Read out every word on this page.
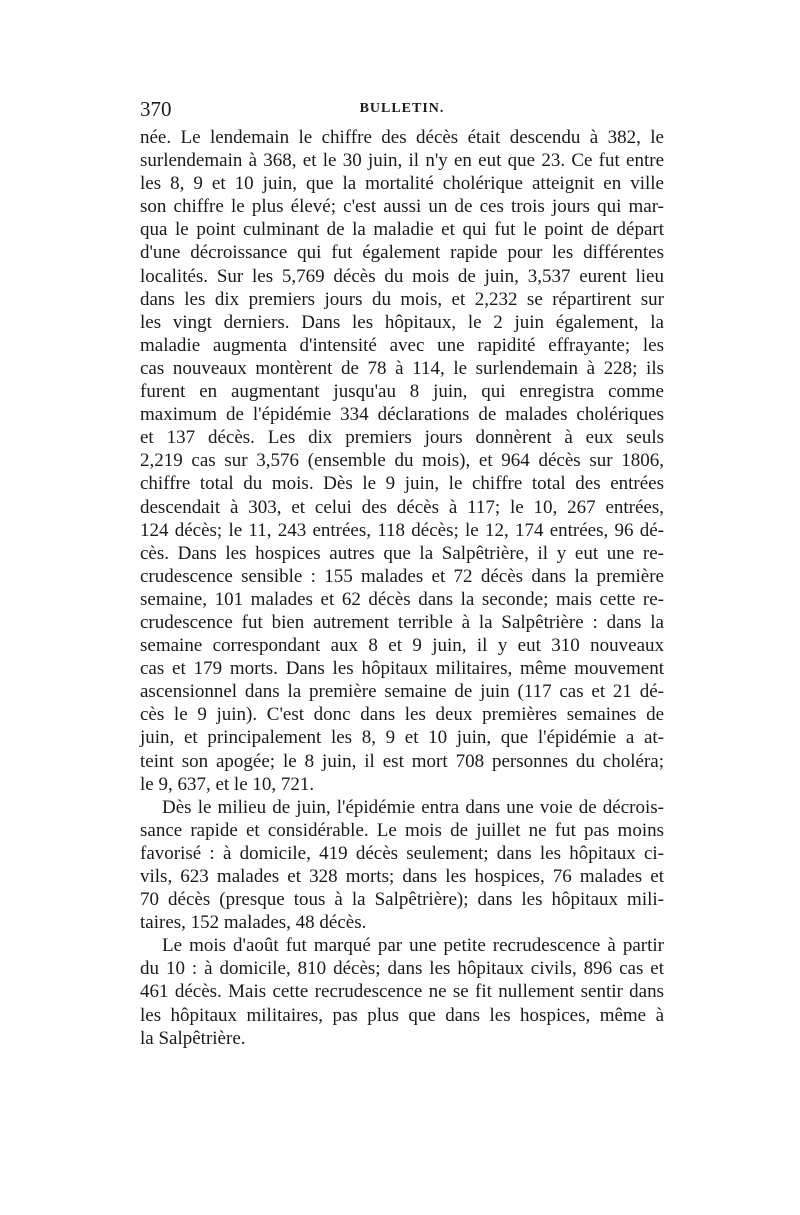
370	BULLETIN.
née. Le lendemain le chiffre des décès était descendu à 382, le
surlendemain à 368, et le 30 juin, il n'y en eut que 23. Ce fut entre
les 8, 9 et 10 juin, que la mortalité cholérique atteignit en ville
son chiffre le plus élevé; c'est aussi un de ces trois jours qui mar-
qua le point culminant de la maladie et qui fut le point de départ
d'une décroissance qui fut également rapide pour les différentes
localités. Sur les 5,769 décès du mois de juin, 3,537 eurent lieu
dans les dix premiers jours du mois, et 2,232 se répartirent sur
les vingt derniers. Dans les hôpitaux, le 2 juin également, la
maladie augmenta d'intensité avec une rapidité effrayante; les
cas nouveaux montèrent de 78 à 114, le surlendemain à 228; ils
furent en augmentant jusqu'au 8 juin, qui enregistra comme
maximum de l'épidémie 334 déclarations de malades cholériques
et 137 décès. Les dix premiers jours donnèrent à eux seuls
2,219 cas sur 3,576 (ensemble du mois), et 964 décès sur 1806,
chiffre total du mois. Dès le 9 juin, le chiffre total des entrées
descendait à 303, et celui des décès à 117; le 10, 267 entrées,
124 décès; le 11, 243 entrées, 118 décès; le 12, 174 entrées, 96 dé-
cès. Dans les hospices autres que la Salpêtrière, il y eut une re-
crudescence sensible : 155 malades et 72 décès dans la première
semaine, 101 malades et 62 décès dans la seconde; mais cette re-
crudescence fut bien autrement terrible à la Salpêtrière : dans la
semaine correspondant aux 8 et 9 juin, il y eut 310 nouveaux
cas et 179 morts. Dans les hôpitaux militaires, même mouvement
ascensionnel dans la première semaine de juin (117 cas et 21 dé-
cès le 9 juin). C'est donc dans les deux premières semaines de
juin, et principalement les 8, 9 et 10 juin, que l'épidémie a at-
teint son apogée; le 8 juin, il est mort 708 personnes du choléra;
le 9, 637, et le 10, 721.
Dès le milieu de juin, l'épidémie entra dans une voie de décrois-
sance rapide et considérable. Le mois de juillet ne fut pas moins
favorisé : à domicile, 419 décès seulement; dans les hôpitaux ci-
vils, 623 malades et 328 morts; dans les hospices, 76 malades et
70 décès (presque tous à la Salpêtrière); dans les hôpitaux mili-
taires, 152 malades, 48 décès.
Le mois d'août fut marqué par une petite recrudescence à partir
du 10 : à domicile, 810 décès; dans les hôpitaux civils, 896 cas et
461 décès. Mais cette recrudescence ne se fit nullement sentir dans
les hôpitaux militaires, pas plus que dans les hospices, même à
la Salpêtrière.
